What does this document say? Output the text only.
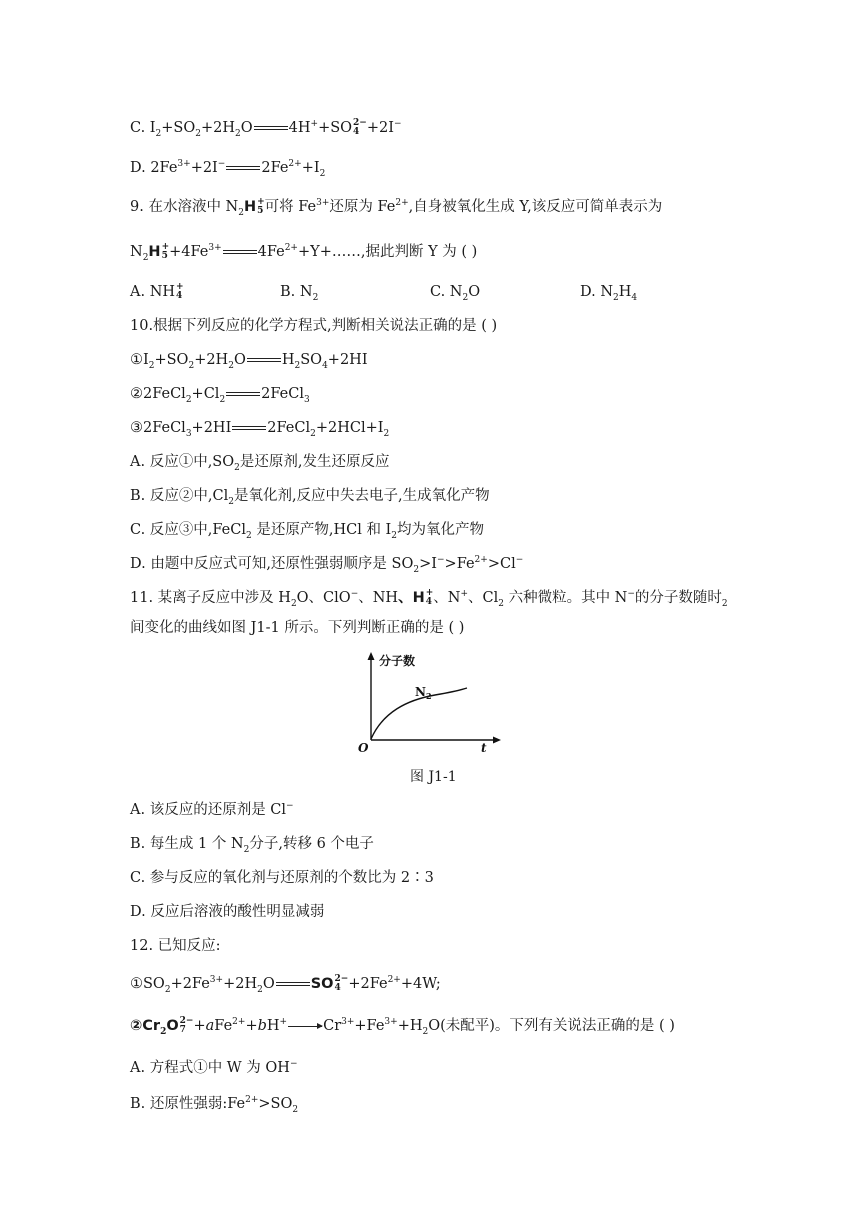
C. $I_2+SO_2+2H_2O$ 4H++SO 2−
4 +2I−
D. $2Fe^{3+}+2I^-$ $2Fe^{2+}+I_2$
9. 在水溶液中 $N_2H$ +
5 可将 $Fe^{3+}$还原为 $Fe^{2+}$,自身被氧化生成 Y,该反应可简单表示为
$N_2H$ +
$5 +4Fe^{3+}$ $4Fe^{2+}+Y+\dots\dots$,据此判断 Y 为 ( )
A. NH +
4	B. $N_2$	C. $N_2O$	D. $N_2H_4$
10.根据下列反应的化学方程式,判断相关说法正确的是 ( )
$①I_2+SO_2+2H_2O$ $H_2SO_4+2HI$
$②2FeCl_2+Cl_2$ 2FeCl$_3$
③2FeCl$_3$+2HI $2FeCl_2+2HCl+I_2$
A. 反应①中$,SO_2$是还原剂,发生还原反应
B. 反应②中$,Cl_2$是氧化剂,反应中失去电子,生成氧化产物
C. 反应③中,FeCl$_2$ 是还原产物,HCl 和 $I_2$均为氧化产物
D. 由题中反应式可知,还原性强弱顺序是 $SO_2>I^->Fe^{2+}>Cl^-$
11. 某离子反应中涉及 $H_2O$、ClO−、NH、H +
4 、N+、$Cl_2$ 六种微粒。其中 N−的分子数随时$_2$
间变化的曲线如图 J1-1 所示。下列判断正确的是 ( )
分子数
$N_2$
O	t
图 J1-1
A. 该反应的还原剂是 Cl−
B. 每生成 1 个 $N_2$分子,转移 6 个电子
C. 参与反应的氧化剂与还原剂的个数比为 2∶3
D. 反应后溶液的酸性明显减弱
12. 已知反应:
$①SO_2+2Fe^{3+}+2H_2O$ SO 2−
$4 +2Fe^{2+}+4W$;
$②Cr_2O$ 2−
$7 +aFe^{2+}+bH^+\to Cr^{3+}+Fe^{3+}+H_2O$(未配平)。下列有关说法正确的是 ( )
A. 方程式①中 W 为 OH−
B. 还原性强弱$:Fe^{2+}>SO_2$
